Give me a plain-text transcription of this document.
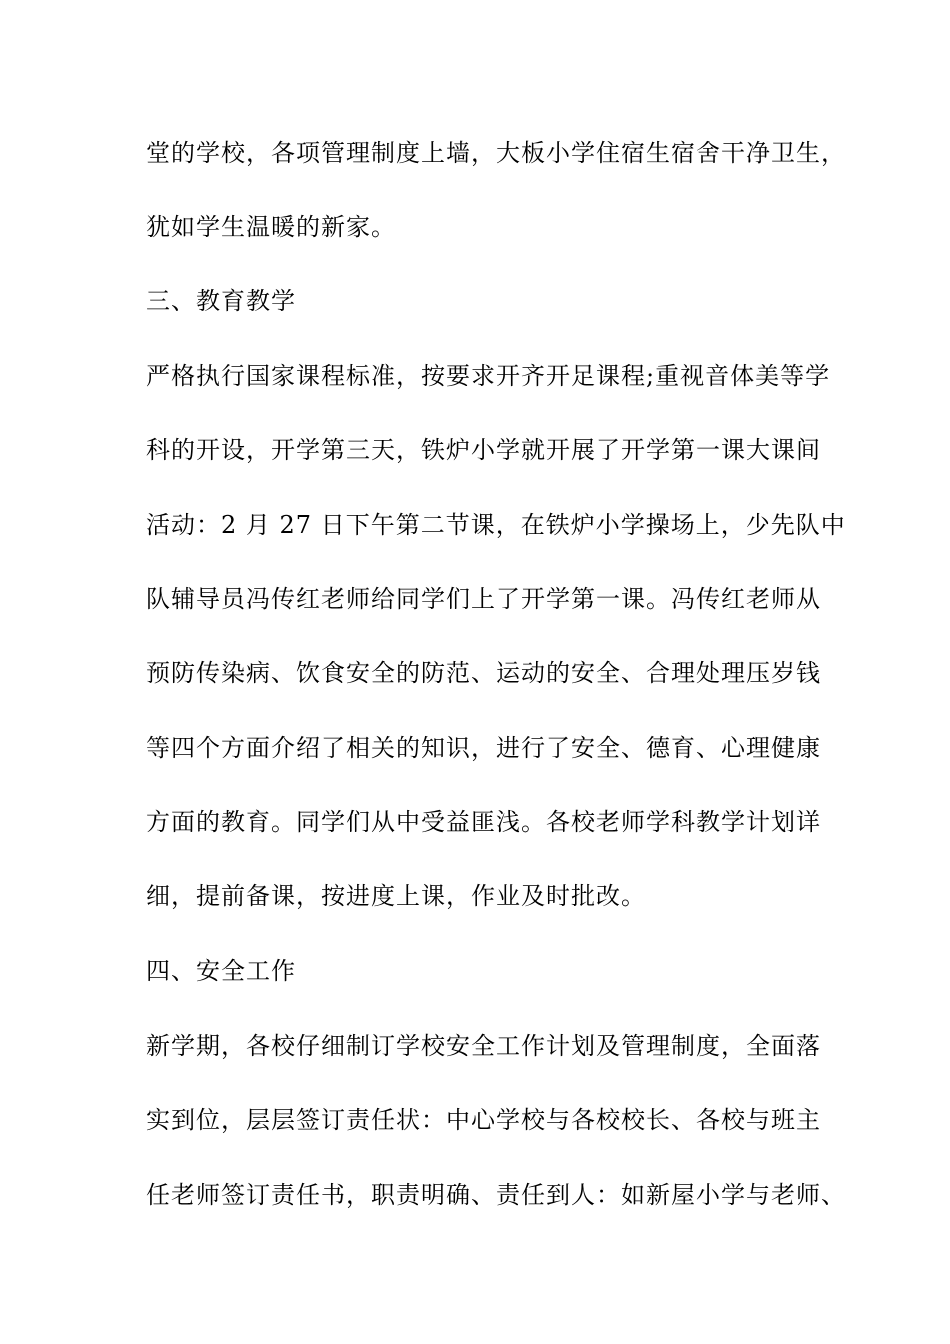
堂的学校，各项管理制度上墙，大板小学住宿生宿舍干净卫生，
犹如学生温暖的新家。
三、教育教学
严格执行国家课程标准，按要求开齐开足课程;重视音体美等学
科的开设，开学第三天，铁炉小学就开展了开学第一课大课间
活动：2 月 27 日下午第二节课，在铁炉小学操场上，少先队中
队辅导员冯传红老师给同学们上了开学第一课。冯传红老师从
预防传染病、饮食安全的防范、运动的安全、合理处理压岁钱
等四个方面介绍了相关的知识，进行了安全、德育、心理健康
方面的教育。同学们从中受益匪浅。各校老师学科教学计划详
细，提前备课，按进度上课，作业及时批改。
四、安全工作
新学期，各校仔细制订学校安全工作计划及管理制度，全面落
实到位，层层签订责任状：中心学校与各校校长、各校与班主
任老师签订责任书，职责明确、责任到人：如新屋小学与老师、
